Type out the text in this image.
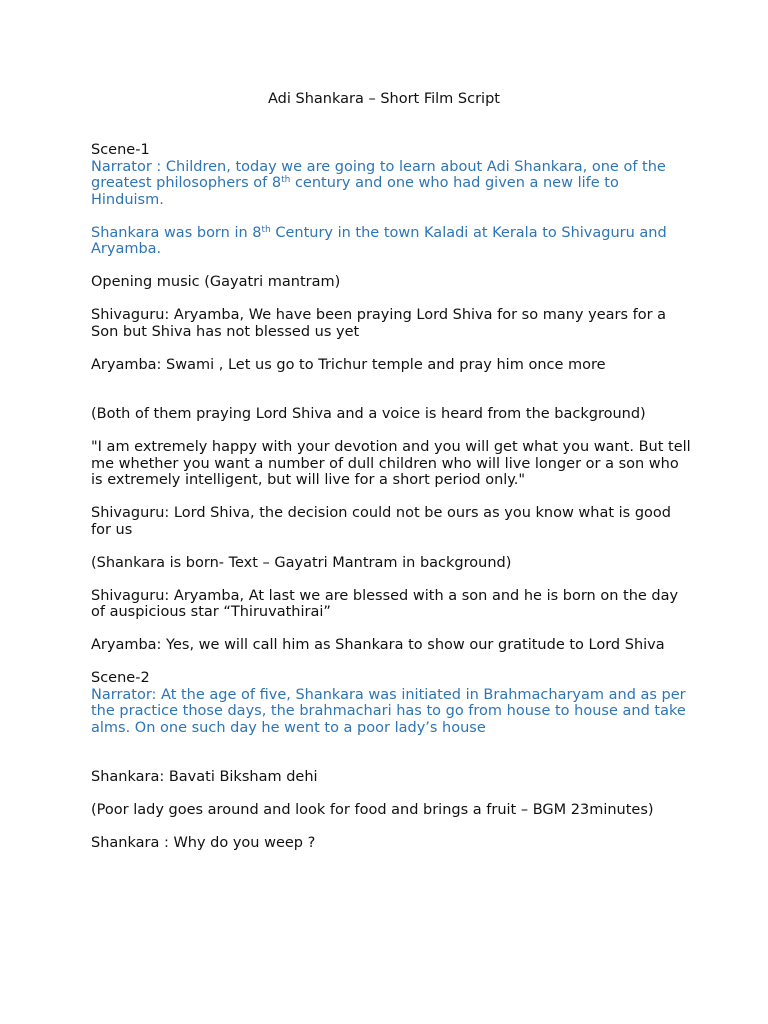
Adi Shankara – Short Film Script

Scene-1

Narrator : Children, today we are going to learn about Adi Shankara, one of the greatest philosophers of 8th century and one who had given a new life to Hinduism.

Shankara was born in 8th Century in the town Kaladi at Kerala to Shivaguru and Aryamba.

Opening music (Gayatri mantram)

Shivaguru: Aryamba, We have been praying Lord Shiva for so many years for a Son but Shiva has not blessed us yet

Aryamba: Swami , Let us go to Trichur temple and pray him once more

(Both of them praying Lord Shiva and a voice is heard from the background)

"I am extremely happy with your devotion and you will get what you want. But tell me whether you want a number of dull children who will live longer or a son who is extremely intelligent, but will live for a short period only."

Shivaguru: Lord Shiva, the decision could not be ours as you know what is good for us

(Shankara is born- Text – Gayatri Mantram in background)

Shivaguru: Aryamba, At last we are blessed with a son and he is born on the day of auspicious star “Thiruvathirai”

Aryamba: Yes, we will call him as Shankara to show our gratitude to Lord Shiva

Scene-2

Narrator: At the age of five, Shankara was initiated in Brahmacharyam and as per the practice those days, the brahmachari has to go from house to house and take alms. On one such day he went to a poor lady’s house

Shankara: Bavati Biksham dehi

(Poor lady goes around and look for food and brings a fruit – BGM 23minutes)

Shankara : Why do you weep ?
